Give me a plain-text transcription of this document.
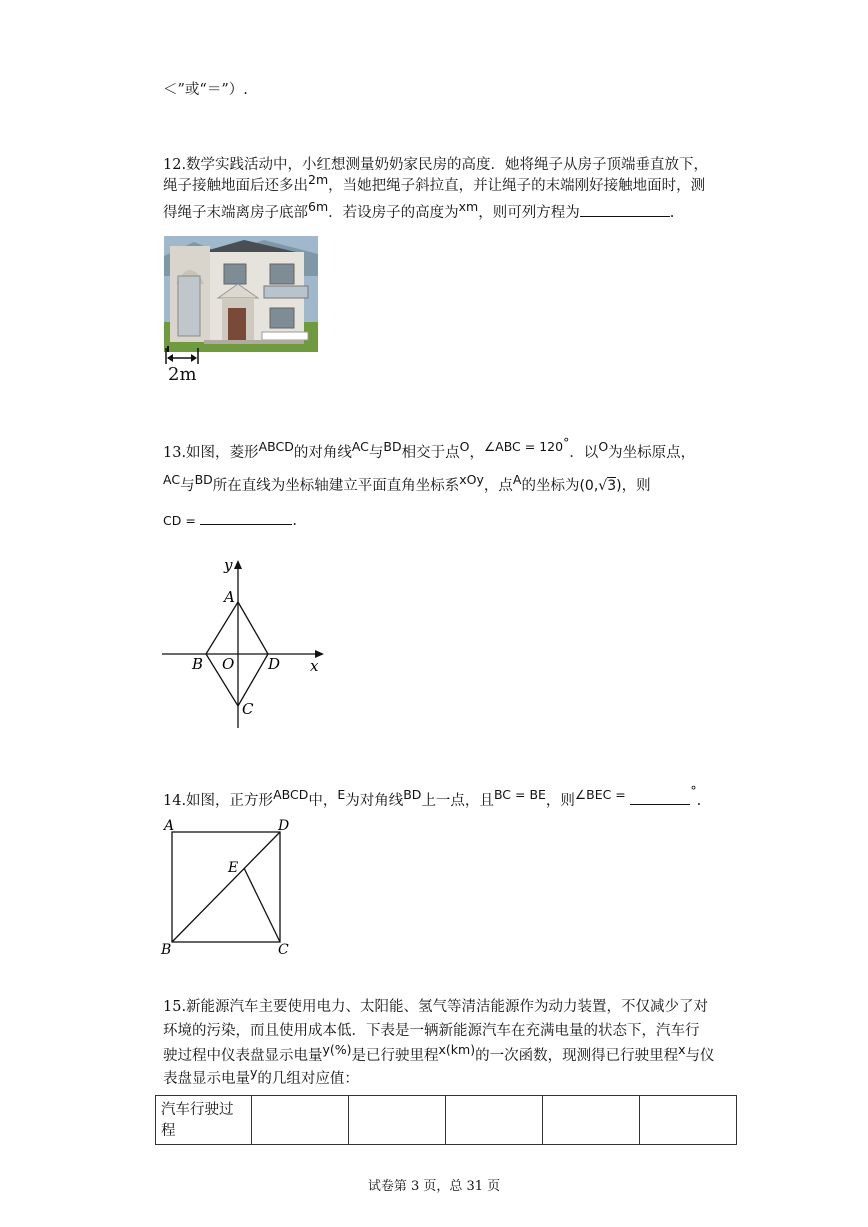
＜”或“＝”）.
12.数学实践活动中，小红想测量奶奶家民房的高度．她将绳子从房子顶端垂直放下，
绳子接触地面后还多出2m，当她把绳子斜拉直，并让绳子的末端刚好接触地面时，测
得绳子末端离房子底部6m．若设房子的高度为xm，则可列方程为	.
2m
13.如图，菱形ABCD的对角线AC与BD相交于点O，∠ABC = 120°．以O为坐标原点，
AC与BD所在直线为坐标轴建立平面直角坐标系xOy，点A的坐标为(0,√3)，则
CD =	.
y
x
A
B O D
C
14.如图，正方形ABCD中，E为对角线BD上一点，且BC = BE，则∠BEC =	°.
A	D
E
B	C
15.新能源汽车主要使用电力、太阳能、氢气等清洁能源作为动力装置，不仅减少了对
环境的污染，而且使用成本低．下表是一辆新能源汽车在充满电量的状态下，汽车行
驶过程中仪表盘显示电量y(%)是已行驶里程x(km)的一次函数，现测得已行驶里程x与仪
表盘显示电量y的几组对应值：
汽车行驶过
程

试卷第 3 页，总 31 页
